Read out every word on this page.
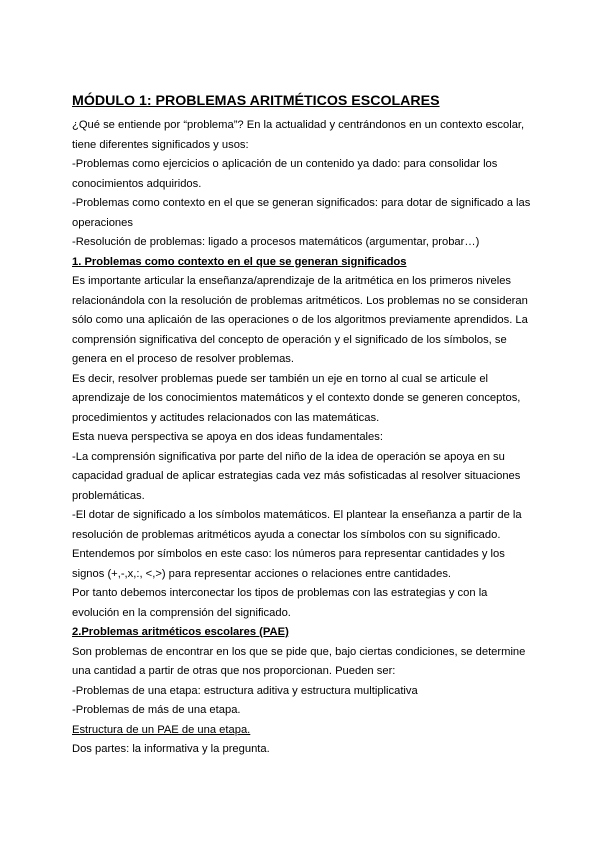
MÓDULO 1: PROBLEMAS ARITMÉTICOS ESCOLARES

¿Qué se entiende por “problema”? En la actualidad y centrándonos en un contexto escolar, tiene diferentes significados y usos:

-Problemas como ejercicios o aplicación de un contenido ya dado: para consolidar los conocimientos adquiridos.

-Problemas como contexto en el que se generan significados: para dotar de significado a las operaciones

-Resolución de problemas: ligado a procesos matemáticos (argumentar, probar…)

1. Problemas como contexto en el que se generan significados

Es importante articular la enseñanza/aprendizaje de la aritmética en los primeros niveles relacionándola con la resolución de problemas aritméticos. Los problemas no se consideran sólo como una aplicaión de las operaciones o de los algoritmos previamente aprendidos. La comprensión significativa del concepto de operación y el significado de los símbolos, se genera en el proceso de resolver problemas.

Es decir, resolver problemas puede ser también un eje en torno al cual se articule el aprendizaje de los conocimientos matemáticos y el contexto donde se generen conceptos, procedimientos y actitudes relacionados con las matemáticas.

Esta nueva perspectiva se apoya en dos ideas fundamentales:

-La comprensión significativa por parte del niño de la idea de operación se apoya en su capacidad gradual de aplicar estrategias cada vez más sofisticadas al resolver situaciones problemáticas.

-El dotar de significado a los símbolos matemáticos. El plantear la enseñanza a partir de la resolución de problemas aritméticos ayuda a conectar los símbolos con su significado.

Entendemos por símbolos en este caso: los números para representar cantidades y los signos (+,-,x,:, <,>) para representar acciones o relaciones entre cantidades.

Por tanto debemos interconectar los tipos de problemas con las estrategias y con la evolución en la comprensión del significado.

2.Problemas aritméticos escolares (PAE)

Son problemas de encontrar en los que se pide que, bajo ciertas condiciones, se determine una cantidad a partir de otras que nos proporcionan. Pueden ser:

-Problemas de una etapa: estructura aditiva y estructura multiplicativa

-Problemas de más de una etapa.

Estructura de un PAE de una etapa.

Dos partes: la informativa y la pregunta.
